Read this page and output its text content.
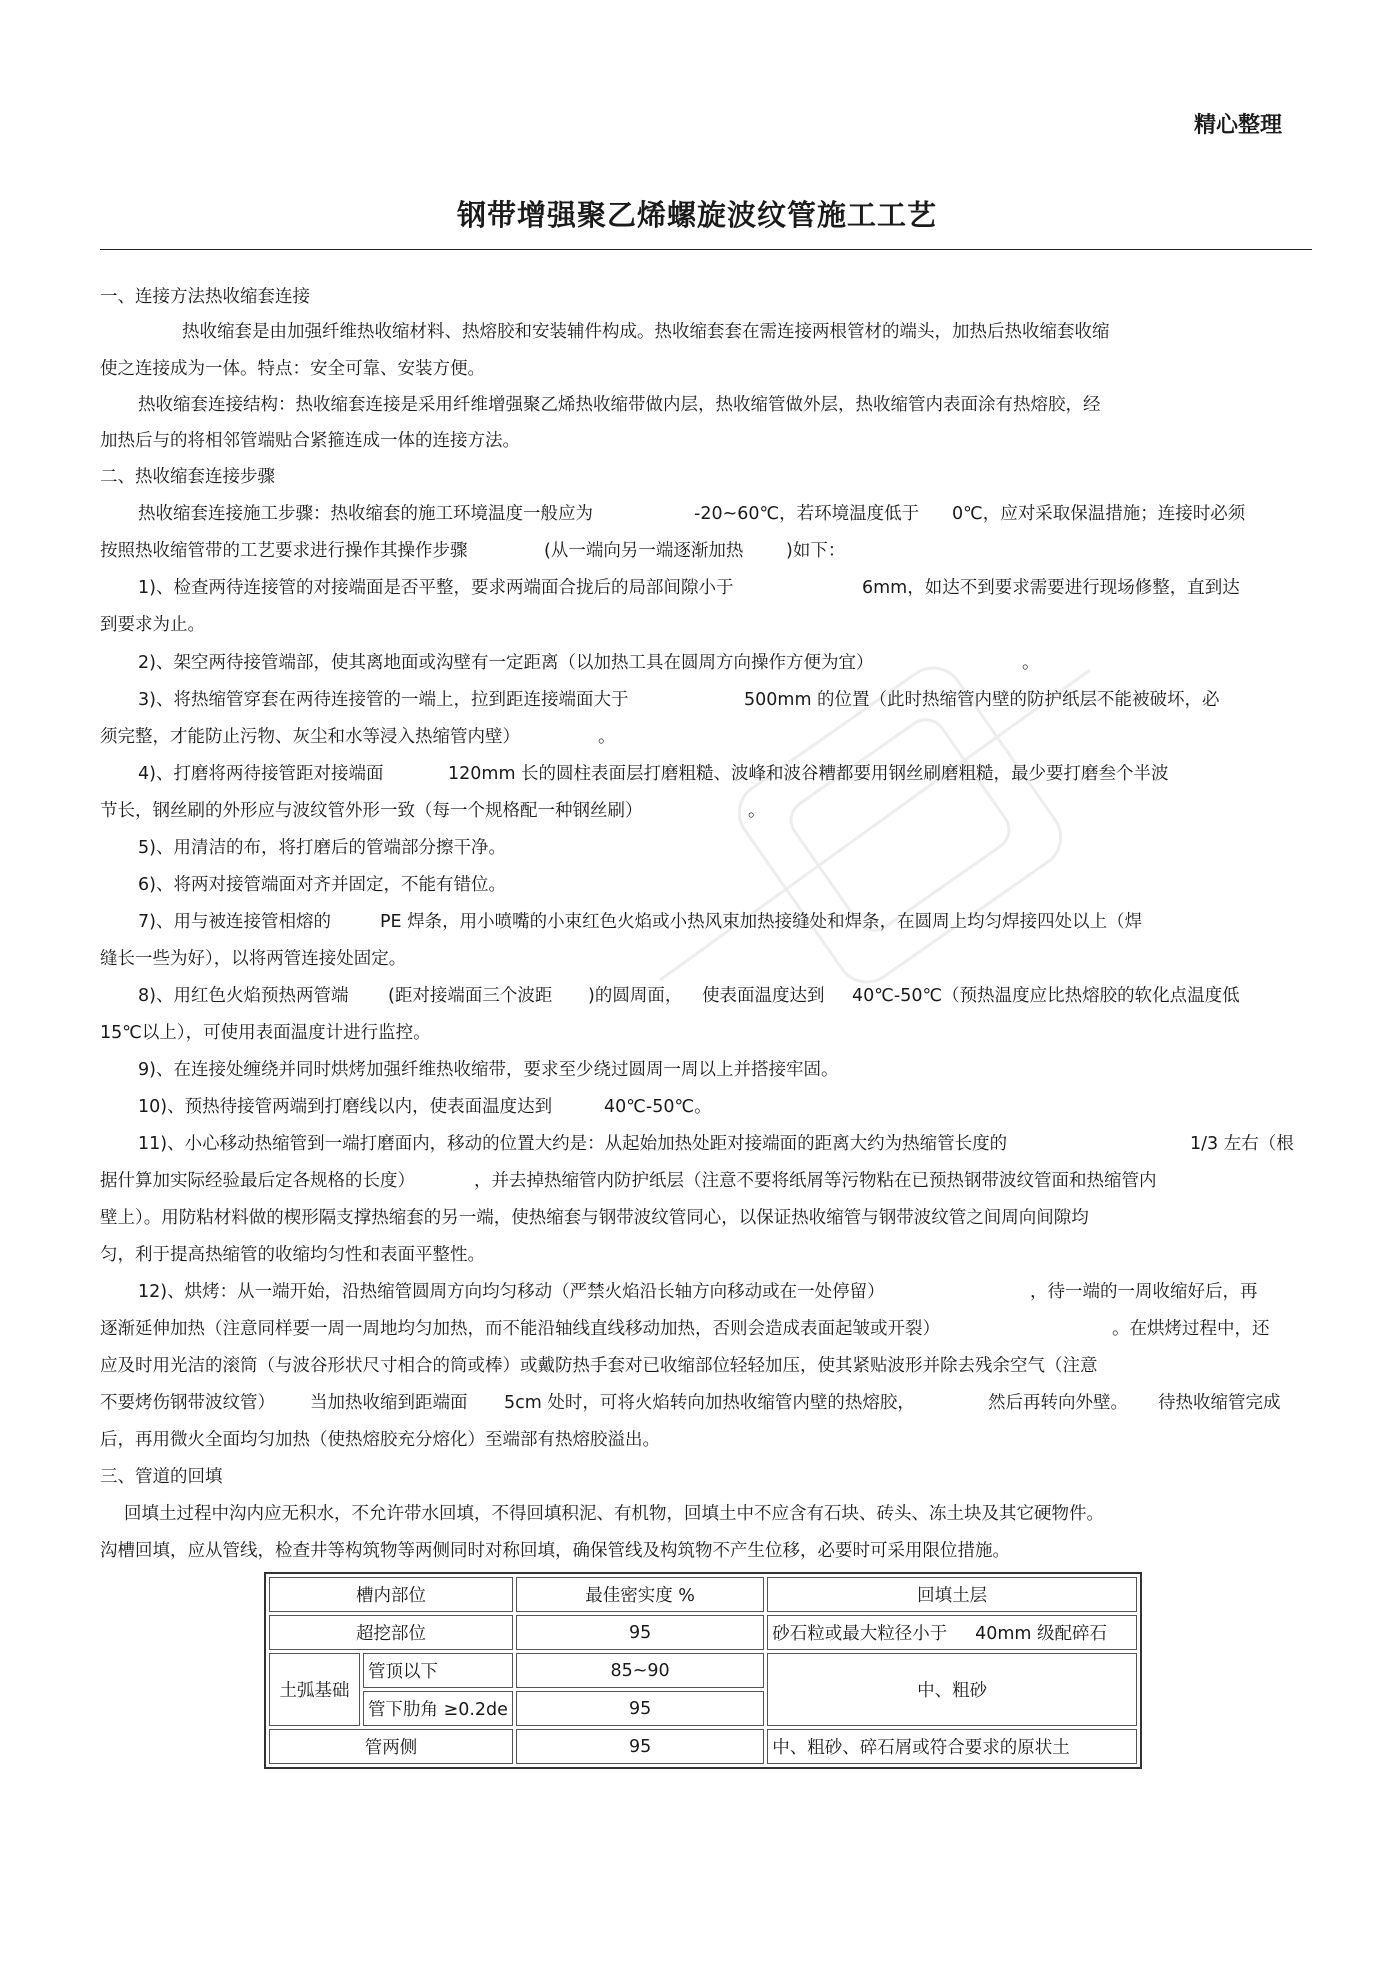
精心整理
钢带增强聚乙烯螺旋波纹管施工工艺
一、连接方法热收缩套连接
热收缩套是由加强纤维热收缩材料、热熔胶和安装辅件构成。热收缩套套在需连接两根管材的端头，加热后热收缩套收缩
使之连接成为一体。特点：安全可靠、安装方便。
热收缩套连接结构：热收缩套连接是采用纤维增强聚乙烯热收缩带做内层，热收缩管做外层，热收缩管内表面涂有热熔胶，经
加热后与的将相邻管端贴合紧箍连成一体的连接方法。
二、热收缩套连接步骤
热收缩套连接施工步骤：热收缩套的施工环境温度一般应为	-20~60℃，若环境温度低于 0℃，应对采取保温措施；连接时必须
按照热收缩管带的工艺要求进行操作其操作步骤	(从一端向另一端逐渐加热 )如下：
1)、检查两待连接管的对接端面是否平整，要求两端面合拢后的局部间隙小于	6mm，如达不到要求需要进行现场修整，直到达
到要求为止。
2)、架空两待接管端部，使其离地面或沟壁有一定距离（以加热工具在圆周方向操作方便为宜）	。
3)、将热缩管穿套在两待连接管的一端上，拉到距连接端面大于	500mm 的位置（此时热缩管内壁的防护纸层不能被破坏，必
须完整，才能防止污物、灰尘和水等浸入热缩管内壁）	。
4)、打磨将两待接管距对接端面	120mm 长的圆柱表面层打磨粗糙、波峰和波谷糟都要用钢丝刷磨粗糙，最少要打磨叁个半波
节长，钢丝刷的外形应与波纹管外形一致（每一个规格配一种钢丝刷）	。
5)、用清洁的布，将打磨后的管端部分擦干净。
6)、将两对接管端面对齐并固定，不能有错位。
7)、用与被连接管相熔的	PE 焊条，用小喷嘴的小束红色火焰或小热风束加热接缝处和焊条，在圆周上均匀焊接四处以上（焊
缝长一些为好），以将两管连接处固定。
8)、用红色火焰预热两管端 (距对接端面三个波距 )的圆周面， 使表面温度达到 40℃-50℃（预热温度应比热熔胶的软化点温度低
15℃以上），可使用表面温度计进行监控。
9)、在连接处缠绕并同时烘烤加强纤维热收缩带，要求至少绕过圆周一周以上并搭接牢固。
10)、预热待接管两端到打磨线以内，使表面温度达到	40℃-50℃。
11)、小心移动热缩管到一端打磨面内，移动的位置大约是：从起始加热处距对接端面的距离大约为热缩管长度的	1/3 左右（根
据什算加实际经验最后定各规格的长度）	，并去掉热缩管内防护纸层（注意不要将纸屑等污物粘在已预热钢带波纹管面和热缩管内
壁上）。用防粘材料做的楔形隔支撑热缩套的另一端，使热缩套与钢带波纹管同心，以保证热收缩管与钢带波纹管之间周向间隙均
匀，利于提高热缩管的收缩均匀性和表面平整性。
12)、烘烤：从一端开始，沿热缩管圆周方向均匀移动（严禁火焰沿长轴方向移动或在一处停留）	，待一端的一周收缩好后，再
逐渐延伸加热（注意同样要一周一周地均匀加热，而不能沿轴线直线移动加热，否则会造成表面起皱或开裂）	。在烘烤过程中，还
应及时用光洁的滚筒（与波谷形状尺寸相合的筒或棒）或戴防热手套对已收缩部位轻轻加压，使其紧贴波形并除去残余空气（注意
不要烤伤钢带波纹管） 当加热收缩到距端面 5cm 处时，可将火焰转向加热收缩管内壁的热熔胶，	然后再转向外壁。 待热收缩管完成
后，再用微火全面均匀加热（使热熔胶充分熔化）至端部有热熔胶溢出。
三、管道的回填
回填土过程中沟内应无积水，不允许带水回填，不得回填积泥、有机物，回填土中不应含有石块、砖头、冻土块及其它硬物件。
沟槽回填，应从管线，检查井等构筑物等两侧同时对称回填，确保管线及构筑物不产生位移，必要时可采用限位措施。
槽内部位		最佳密实度 %	回填土层
超挖部位		95	砂石粒或最大粒径小于 40mm 级配碎石
土弧基础	管顶以下	85~90	中、粗砂
	管下肋角 ≥0.2de	95	
管两侧		95	中、粗砂、碎石屑或符合要求的原状土
